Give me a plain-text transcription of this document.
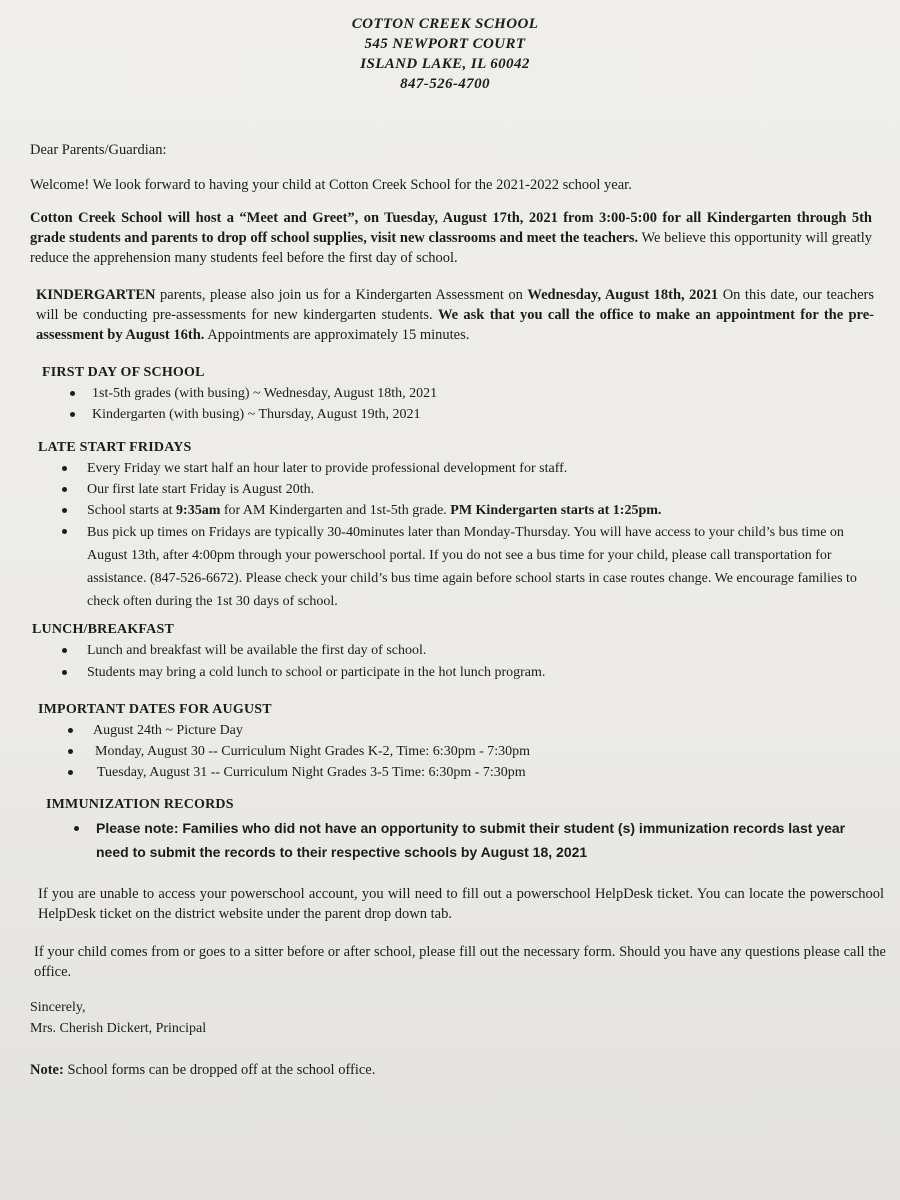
COTTON CREEK SCHOOL
545 NEWPORT COURT
ISLAND LAKE, IL 60042
847-526-4700
Dear Parents/Guardian:
Welcome! We look forward to having your child at Cotton Creek School for the 2021-2022 school year.
Cotton Creek School will host a “Meet and Greet”, on Tuesday, August 17th, 2021 from 3:00-5:00 for all Kindergarten through 5th grade students and parents to drop off school supplies, visit new classrooms and meet the teachers. We believe this opportunity will greatly reduce the apprehension many students feel before the first day of school.
KINDERGARTEN parents, please also join us for a Kindergarten Assessment on Wednesday, August 18th, 2021 On this date, our teachers will be conducting pre-assessments for new kindergarten students. We ask that you call the office to make an appointment for the pre-assessment by August 16th. Appointments are approximately 15 minutes.
FIRST DAY OF SCHOOL
1st-5th grades (with busing) ~ Wednesday, August 18th, 2021
Kindergarten (with busing) ~ Thursday, August 19th, 2021
LATE START FRIDAYS
Every Friday we start half an hour later to provide professional development for staff.
Our first late start Friday is August 20th.
School starts at 9:35am for AM Kindergarten and 1st-5th grade. PM Kindergarten starts at 1:25pm.
Bus pick up times on Fridays are typically 30-40minutes later than Monday-Thursday. You will have access to your child’s bus time on August 13th, after 4:00pm through your powerschool portal. If you do not see a bus time for your child, please call transportation for assistance. (847-526-6672). Please check your child’s bus time again before school starts in case routes change. We encourage families to check often during the 1st 30 days of school.
LUNCH/BREAKFAST
Lunch and breakfast will be available the first day of school.
Students may bring a cold lunch to school or participate in the hot lunch program.
IMPORTANT DATES FOR AUGUST
August 24th ~ Picture Day
Monday, August 30 -- Curriculum Night Grades K-2, Time: 6:30pm - 7:30pm
Tuesday, August 31 -- Curriculum Night Grades 3-5 Time: 6:30pm - 7:30pm
IMMUNIZATION RECORDS
Please note: Families who did not have an opportunity to submit their student (s) immunization records last year need to submit the records to their respective schools by August 18, 2021
If you are unable to access your powerschool account, you will need to fill out a powerschool HelpDesk ticket. You can locate the powerschool HelpDesk ticket on the district website under the parent drop down tab.
If your child comes from or goes to a sitter before or after school, please fill out the necessary form. Should you have any questions please call the office.
Sincerely,
Mrs. Cherish Dickert, Principal
Note: School forms can be dropped off at the school office.
